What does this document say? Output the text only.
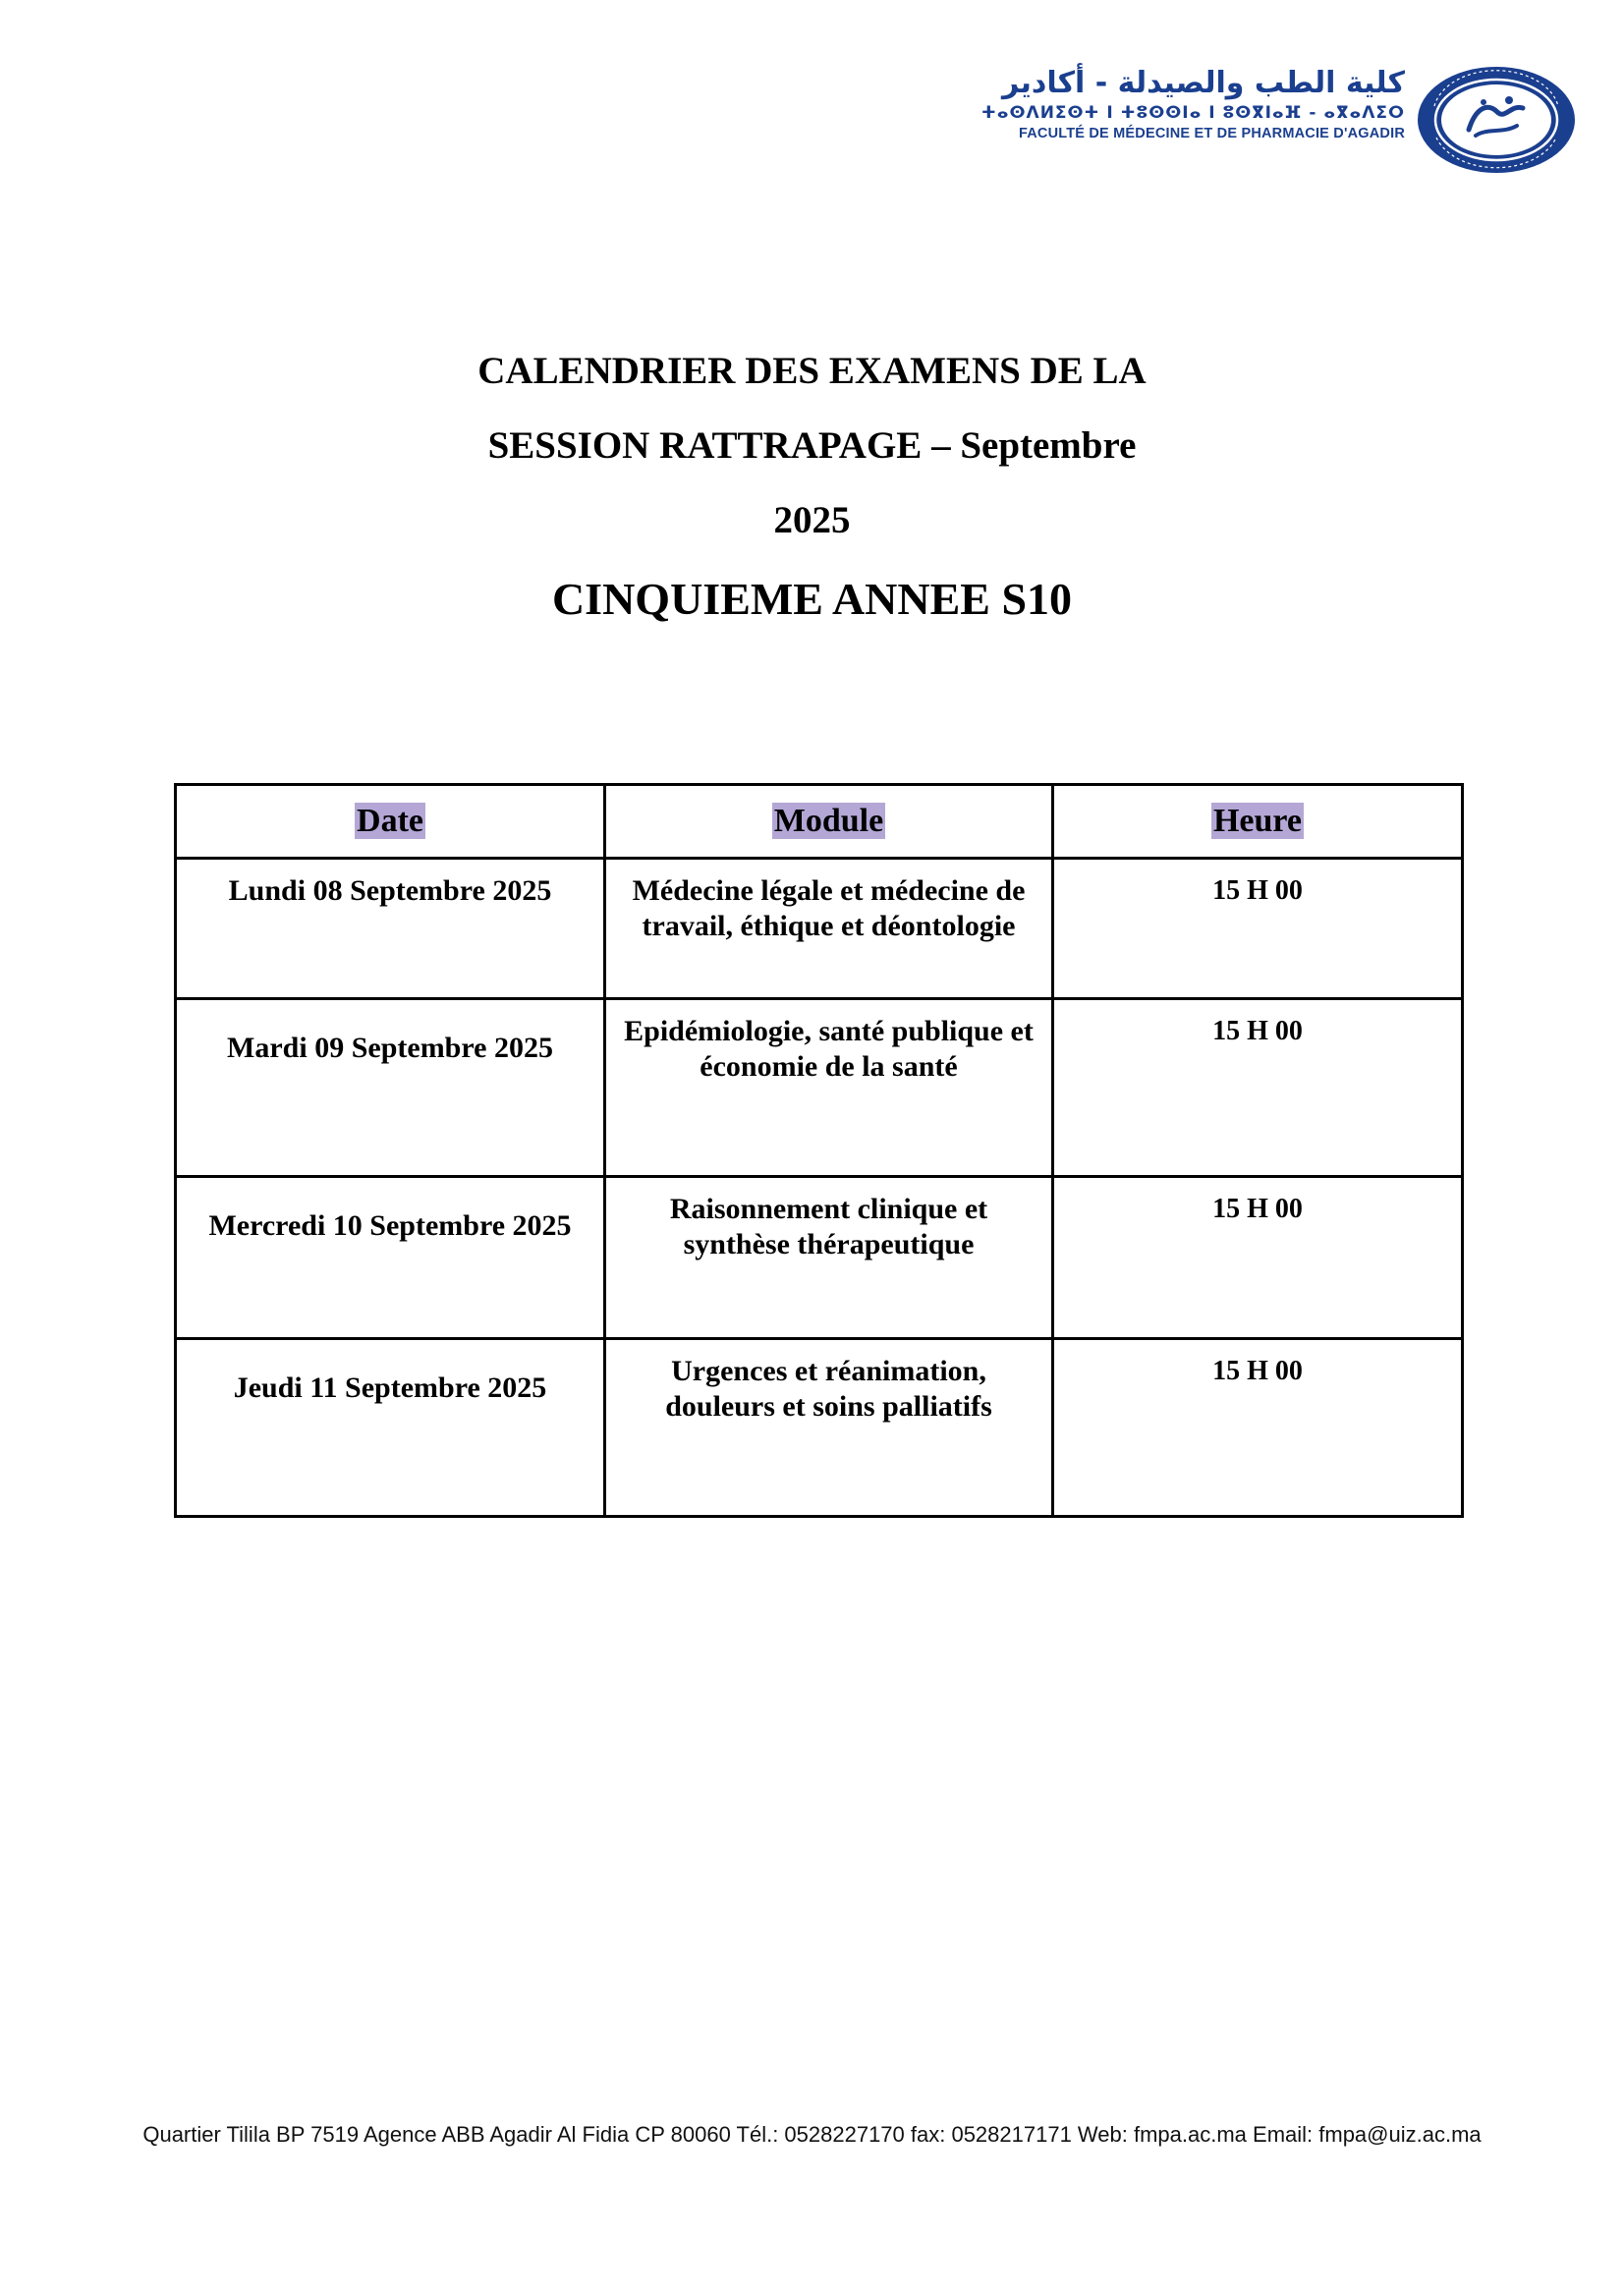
كلية الطب والصيدلة - أكادير
ⵜⴰⵙⴷⵍⵉⵙⵜ ⵏ ⵜⵓⵙⵙⵏⴰ ⵏ ⵓⵙⴳⵏⴰⴼ - ⴰⴳⴰⴷⵉⵔ
FACULTÉ DE MÉDECINE ET DE PHARMACIE D'AGADIR
CALENDRIER DES EXAMENS DE LA
SESSION RATTRAPAGE – Septembre
2025
CINQUIEME ANNEE S10
Date	Module	Heure
Lundi 08 Septembre 2025	Médecine légale et médecine de travail, éthique et déontologie	15 H 00
Mardi 09 Septembre 2025	Epidémiologie, santé publique et économie de la santé	15 H 00
Mercredi 10 Septembre 2025	Raisonnement clinique et synthèse thérapeutique	15 H 00
Jeudi 11 Septembre 2025	Urgences et réanimation, douleurs et soins palliatifs	15 H 00
Quartier Tilila BP 7519 Agence ABB Agadir Al Fidia CP 80060 Tél.: 0528227170 fax: 0528217171 Web: fmpa.ac.ma Email: fmpa@uiz.ac.ma
